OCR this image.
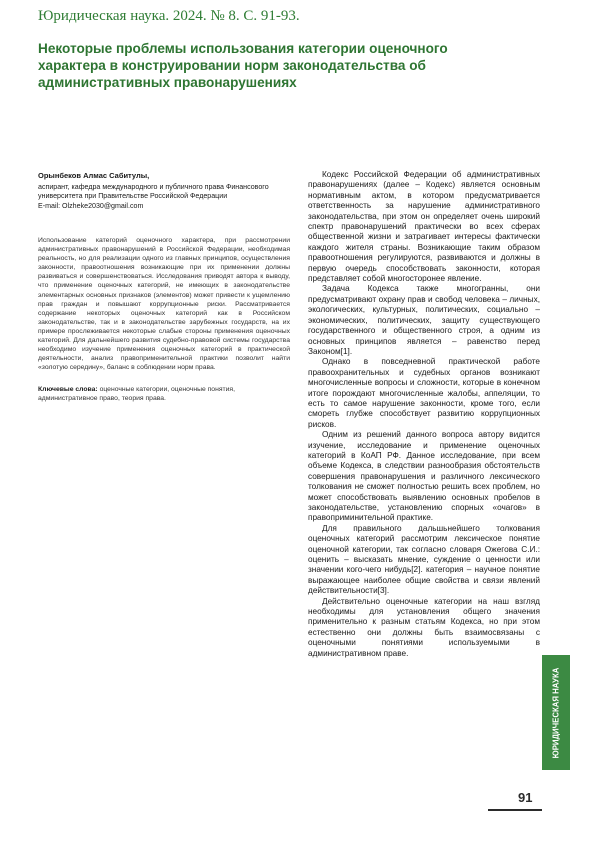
Юридическая наука. 2024. № 8. С. 91-93.
Некоторые проблемы использования категории оценочного характера в конструировании норм законодательства об административных правонарушениях
Орынбеков Алмас Сабитулы,
аспирант, кафедра международного и публичного права Финансового университета при Правительстве Российской Федерации
E-mail: Olzheke2030@gmail.com
Использование категорий оценочного характера, при рассмотрении административных правонарушений в Российской Федерации, необходимая реальность, но для реализации одного из главных принципов, осуществления законности, правоотношения возникающие при их применении должны развиваться и совершенствоваться. Исследования приводят автора к выводу, что применение оценочных категорий, не имеющих в законодательстве элементарных основных признаков (элементов) может привести к ущемлению прав граждан и повышают коррупционные риски. Рассматривается содержание некоторых оценочных категорий как в Российском законодательстве, так и в законодательстве зарубежных государств, на их примере прослеживается некоторые слабые стороны применения оценочных категорий. Для дальнейшего развития судебно-правовой системы государства необходимо изучение применения оценочных категорий в практической деятельности, анализ правоприменительной практики позволит найти «золотую середину», баланс в соблюдении норм права.
Ключевые слова: оценочные категории, оценочные понятия, административное право, теория права.

Кодекс Российской Федерации об административных правонарушениях (далее – Кодекс) является основным нормативным актом, в котором предусматривается ответственность за нарушение административного законодательства, при этом он определяет очень широкий спектр правонарушений практически во всех сферах общественной жизни и затрагивает интересы фактически каждого жителя страны. Возникающие таким образом правоотношения регулируются, развиваются и должны в первую очередь способствовать законности, которая представляет собой многосторонее явление.

Задача Кодекса также многогранны, они предусматривают охрану прав и свобод человека – личных, экологических, культурных, политических, социально – экономических, политических, защиту существующего государственного и общественного строя, а одним из основных принципов является – равенство перед Законом[1].

Однако в повседневной практической работе правоохранительных и судебных органов возникают многочисленные вопросы и сложности, которые в конечном итоге порождают многочисленные жалобы, аппеляции, то есть то самое нарушение законности, кроме того, если смореть глубже способствует развитию коррупционных рисков.

Одним из решений данного вопроса автору видится изучение, исследование и применение оценочных категорий в КоАП РФ. Данное исследование, при всем объеме Кодекса, в следствии разнообразия обстоятельств совершения правонарушения и различного лексического толкования не сможет полностью решить всех проблем, но может способствовать выявлению основных пробелов в законодательстве, установлению спорных «очагов» в правоприминительной практике.

Для правильного дальшьнейшего толкования оценочных категорий рассмотрим лексическое понятие оценочной категории, так согласно словаря Ожегова С.И.: оценить – высказать мнение, суждение о ценности или значении кого-чего нибудь[2]. категория – научное понятие выражающее наиболее общие свойства и связи явлений действительности[3].

Действительно оценочные категории на наш взгляд необходимы для установления общего значения применительно к разным статьям Кодекса, но при этом естественно они должны быть взаимосвязаны с оценочными понятиями используемыми в административном праве.

ЮРИДИЧЕСКАЯ НАУКА
91
